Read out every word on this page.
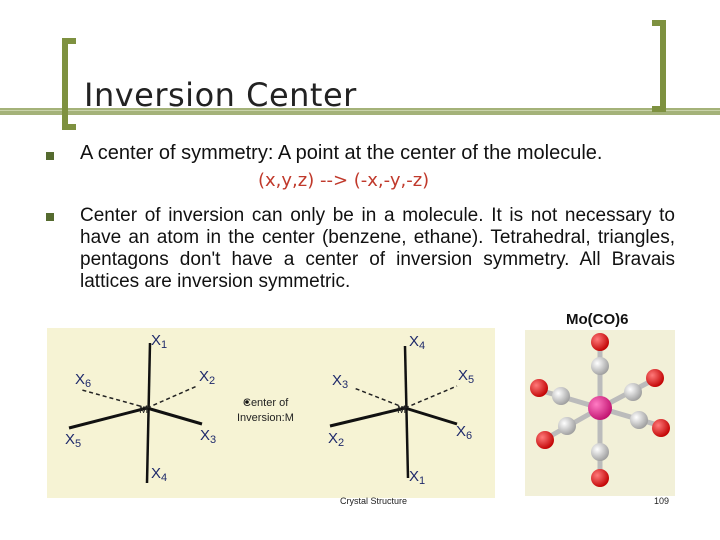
Inversion Center
A center of symmetry: A point at the center of the molecule.
(x,y,z) --> (-x,-y,-z)
Center of inversion can only be in a molecule. It is not necessary to have an atom in the center (benzene, ethane). Tetrahedral, triangles, pentagons don't have a center of inversion symmetry. All Bravais lattices are inversion symmetric.
Mo(CO)6
$X_1$
$X_2$
$X_3$
$X_4$
$X_5$
$X_6$
M
Center of
Inversion:M
$X_1$
$X_2$
$X_3$
$X_4$
$X_5$
$X_6$
M
Crystal Structure	109
